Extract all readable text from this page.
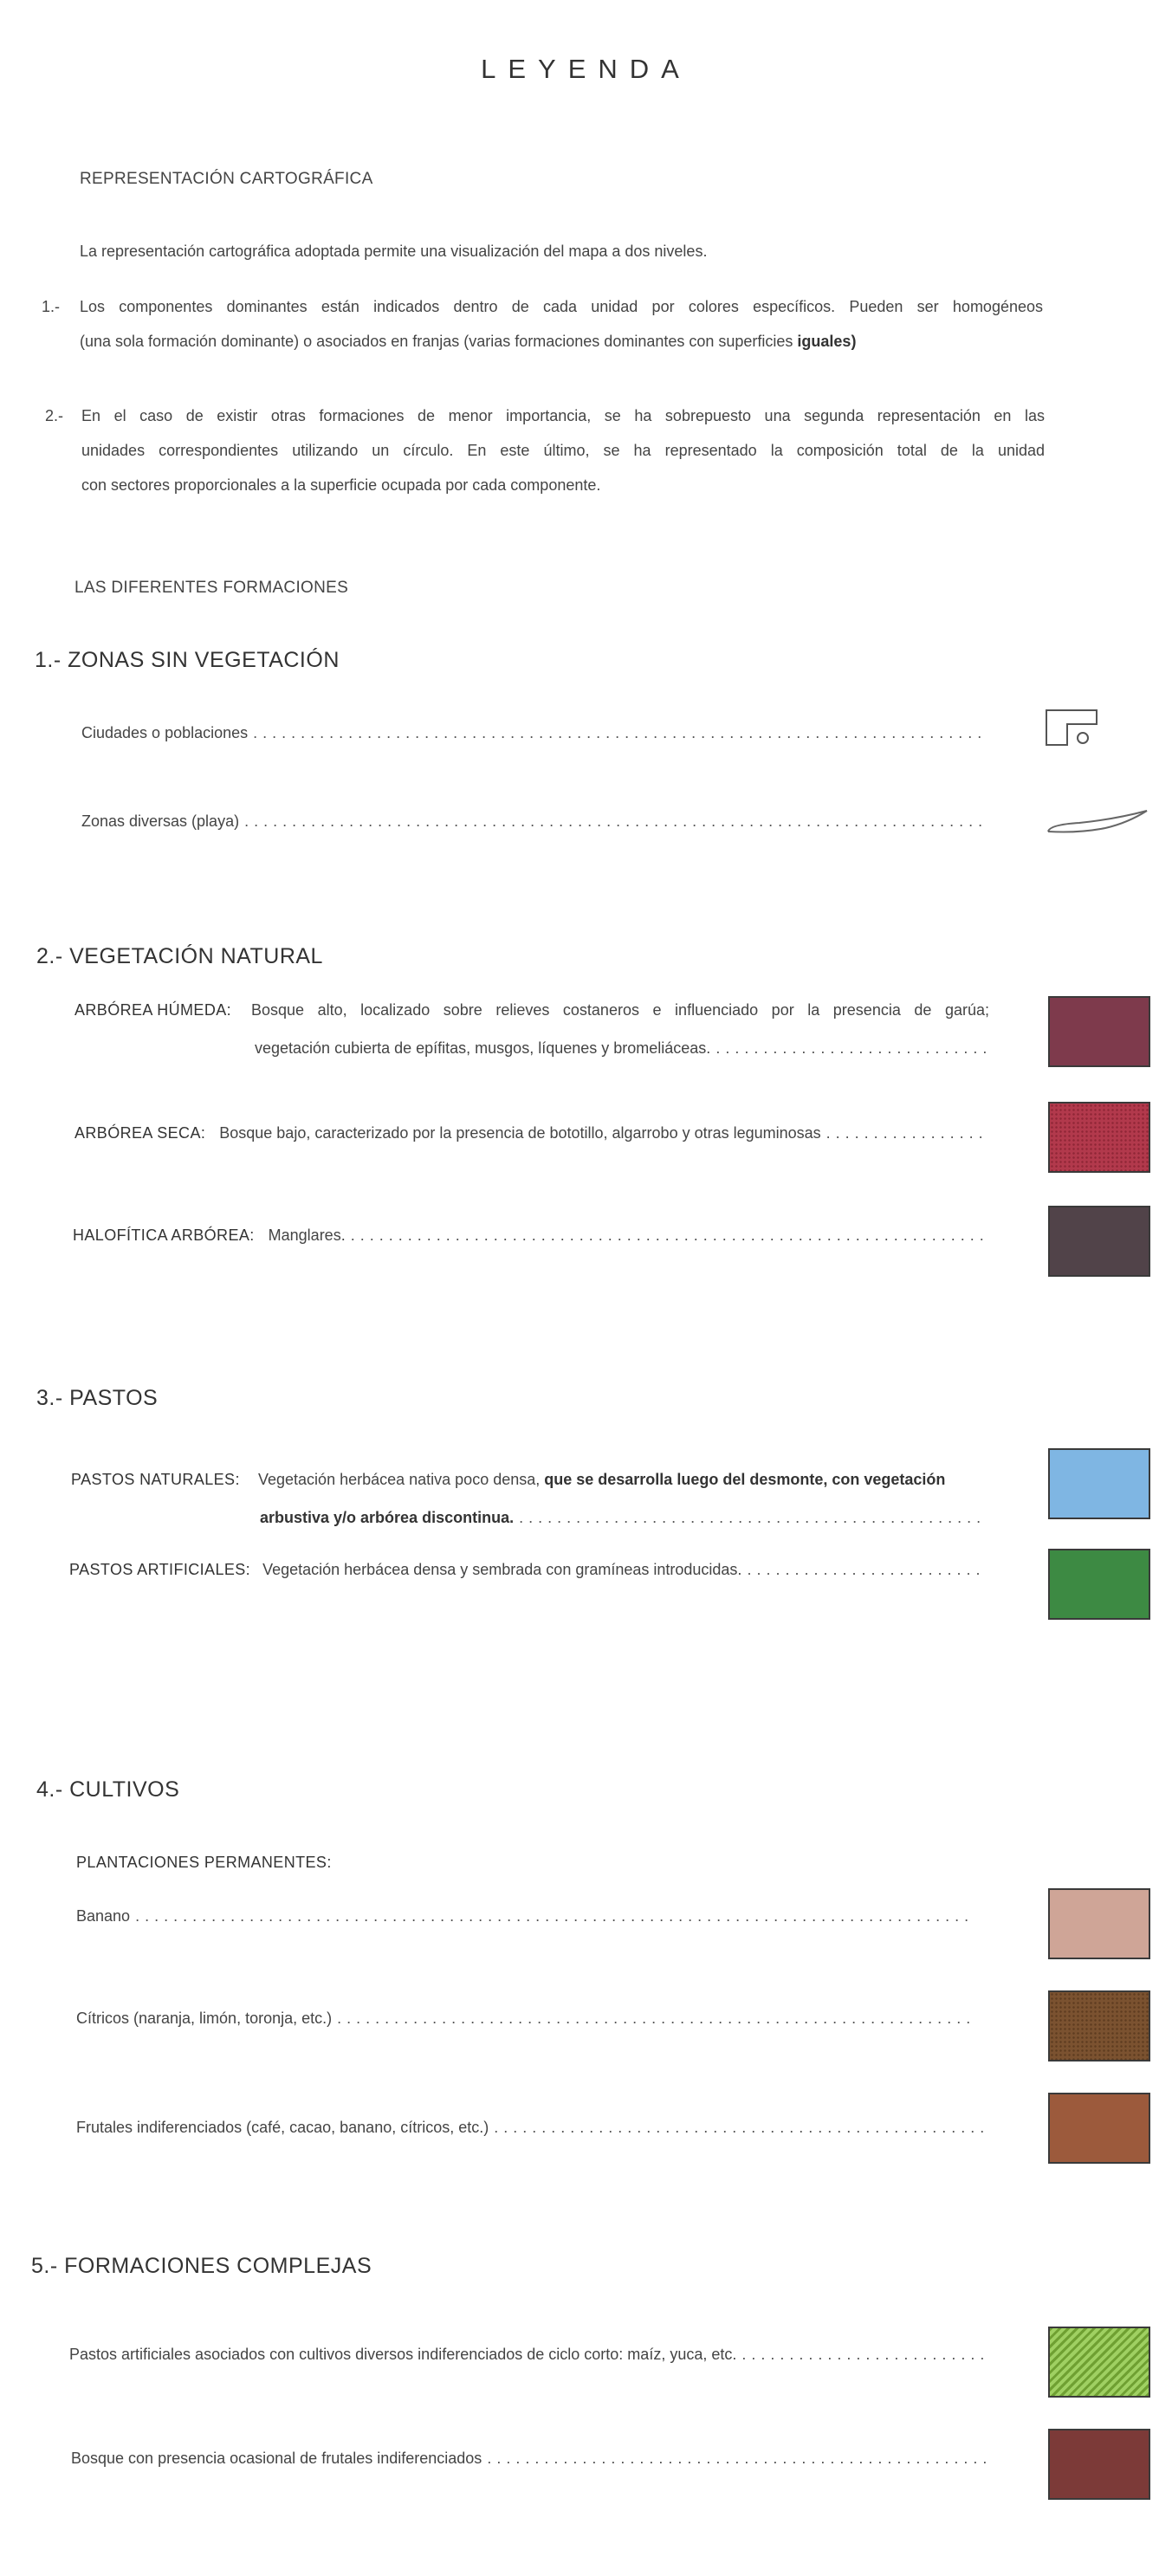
LEYENDA
REPRESENTACIÓN CARTOGRÁFICA
La representación cartográfica adoptada permite una visualización del mapa a dos niveles.
1.- Los componentes dominantes están indicados dentro de cada unidad por colores específicos. Pueden ser homogéneos
(una sola formación dominante) o asociados en franjas (varias formaciones dominantes con superficies iguales)
2.- En el caso de existir otras formaciones de menor importancia, se ha sobrepuesto una segunda representación en las
unidades correspondientes utilizando un círculo. En este último, se ha representado la composición total de la unidad
con sectores proporcionales a la superficie ocupada por cada componente.
LAS DIFERENTES FORMACIONES
1.- ZONAS SIN VEGETACIÓN
Ciudades o poblaciones
.....
Zonas diversas (playa)
.....
2.- VEGETACIÓN NATURAL
ARBÓREA HÚMEDA: Bosque alto, localizado sobre relieves costaneros e influenciado por la presencia de garúa;
vegetación cubierta de epífitas, musgos, líquenes y bromeliáceas.
.....
ARBÓREA SECA: Bosque bajo, caracterizado por la presencia de bototillo, algarrobo y otras leguminosas
.....
HALOFÍTICA ARBÓREA: Manglares.
.....
3.- PASTOS
PASTOS NATURALES: Vegetación herbácea nativa poco densa, que se desarrolla luego del desmonte, con vegetación
arbustiva y/o arbórea discontinua.
.....
PASTOS ARTIFICIALES: Vegetación herbácea densa y sembrada con gramíneas introducidas.
.....
4.- CULTIVOS
PLANTACIONES PERMANENTES:
Banano
.....
Cítricos (naranja, limón, toronja, etc.)
.....
Frutales indiferenciados (café, cacao, banano, cítricos, etc.)
.....
5.- FORMACIONES COMPLEJAS
Pastos artificiales asociados con cultivos diversos indiferenciados de ciclo corto: maíz, yuca, etc.
.....
Bosque con presencia ocasional de frutales indiferenciados
.....
